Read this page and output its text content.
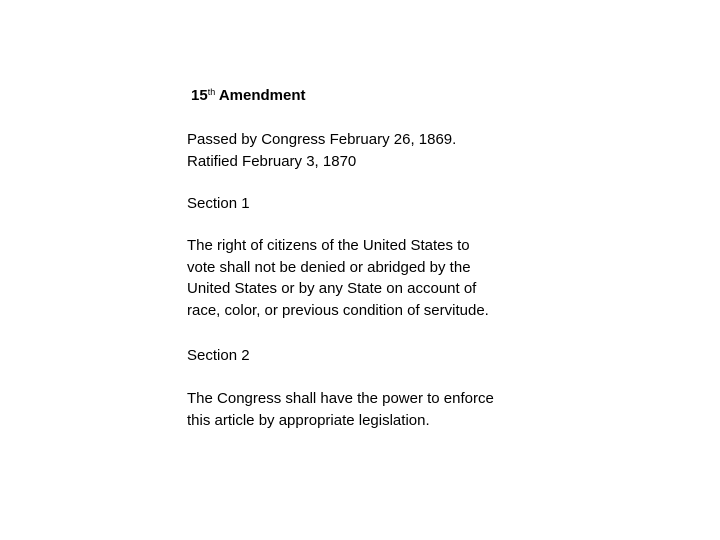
15th Amendment

Passed by Congress February 26, 1869.

Ratified February 3, 1870

Section 1

The right of citizens of the United States to

vote shall not be denied or abridged by the

United States or by any State on account of

race, color, or previous condition of servitude.

Section 2

The Congress shall have the power to enforce

this article by appropriate legislation.
